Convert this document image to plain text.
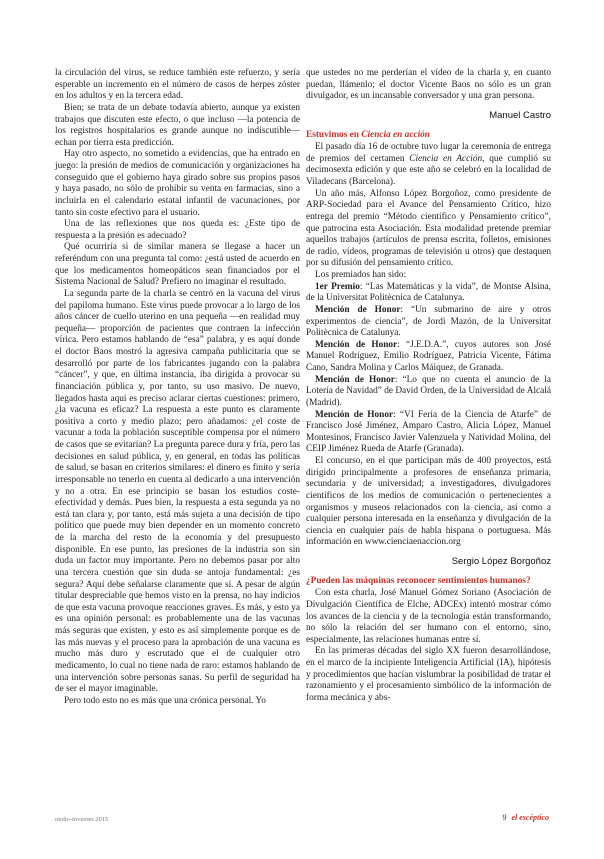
la circulación del virus, se reduce también este refuerzo, y sería esperable un incremento en el número de casos de herpes zóster en los adultos y en la tercera edad.

Bien; se trata de un debate todavía abierto, aunque ya existen trabajos que discuten este efecto, o que incluso —la potencia de los registros hospitalarios es grande aunque no indiscutible— echan por tierra esta predicción.

Hay otro aspecto, no sometido a evidencias, que ha entrado en juego: la presión de medios de comunicación y organizaciones ha conseguido que el gobierno haya girado sobre sus propios pasos y haya pasado, no sólo de prohibir su venta en farmacias, sino a incluirla en el calendario estatal infantil de vacunaciones, por tanto sin coste efectivo para el usuario.

Una de las reflexiones que nos queda es: ¿Este tipo de respuesta a la presión es adecuado?

Qué ocurriría si de similar manera se llegase a hacer un referéndum con una pregunta tal como: ¿está usted de acuerdo en que los medicamentos homeopáticos sean financiados por el Sistema Nacional de Salud? Prefiero no imaginar el resultado.

La segunda parte de la charla se centró en la vacuna del virus del papiloma humano. Este virus puede provocar a lo largo de los años cáncer de cuello uterino en una pequeña —en realidad muy pequeña— proporción de pacientes que contraen la infección vírica. Pero estamos hablando de “esa” palabra, y es aquí donde el doctor Baos mostró la agresiva campaña publicitaria que se desarrolló por parte de los fabricantes jugando con la palabra “cáncer”, y que, en última instancia, iba dirigida a provocar su financiación pública y, por tanto, su uso masivo. De nuevo, llegados hasta aquí es preciso aclarar ciertas cuestiones: primero, ¿la vacuna es eficaz? La respuesta a este punto es claramente positiva a corto y medio plazo; pero añadamos: ¿el coste de vacunar a toda la población susceptible compensa por el número de casos que se evitarían? La pregunta parece dura y fría, pero las decisiones en salud pública, y, en general, en todas las políticas de salud, se basan en criterios similares: el dinero es finito y sería irresponsable no tenerlo en cuenta al dedicarlo a una intervención y no a otra. En ese principio se basan los estudios coste-efectividad y demás. Pues bien, la respuesta a esta segunda ya no está tan clara y, por tanto, está más sujeta a una decisión de tipo político que puede muy bien depender en un momento concreto de la marcha del resto de la economía y del presupuesto disponible. En ese punto, las presiones de la industria son sin duda un factor muy importante. Pero no debemos pasar por alto una tercera cuestión que sin duda se antoja fundamental: ¿es segura? Aquí debe señalarse claramente que sí. A pesar de algún titular despreciable que hemos visto en la prensa, no hay indicios de que esta vacuna provoque reacciones graves. Es más, y esto ya es una opinión personal: es probablemente una de las vacunas más seguras que existen, y esto es así simplemente porque es de las más nuevas y el proceso para la aprobación de una vacuna es mucho más duro y escrutado que el de cualquier otro medicamento, lo cual no tiene nada de raro: estamos hablando de una intervención sobre personas sanas. Su perfil de seguridad ha de ser el mayor imaginable.

Pero todo esto no es más que una crónica personal. Yo

que ustedes no me perderían el vídeo de la charla y, en cuanto puedan, llámenlo; el doctor Vicente Baos no sólo es un gran divulgador, es un incansable conversador y una gran persona.

Manuel Castro
Estuvimos en Ciencia en acción

El pasado día 16 de octubre tuvo lugar la ceremonia de entrega de premios del certamen Ciencia en Acción, que cumplió su decimosexta edición y que este año se celebró en la localidad de Viladecans (Barcelona).

Un año más, Alfonso López Borgoñoz, como presidente de ARP-Sociedad para el Avance del Pensamiento Crítico, hizo entrega del premio “Método científico y Pensamiento crítico”, que patrocina esta Asociación. Esta modalidad pretende premiar aquellos trabajos (artículos de prensa escrita, folletos, emisiones de radio, vídeos, programas de televisión u otros) que destaquen por su difusión del pensamiento crítico.

Los premiados han sido:

1er Premio: “Las Matemáticas y la vida”, de Montse Alsina, de la Universitat Politècnica de Catalunya.

Mención de Honor: “Un submarino de aire y otros experimentos de ciencia”, de Jordi Mazón, de la Universitat Politècnica de Catalunya.

Mención de Honor: “J.E.D.A.”, cuyos autores son José Manuel Rodríguez, Emilio Rodríguez, Patricia Vicente, Fátima Cano, Sandra Molina y Carlos Máiquez, de Granada.

Mención de Honor: “Lo que no cuenta el anuncio de la Lotería de Navidad” de David Orden, de la Universidad de Alcalá (Madrid).

Mención de Honor: “VI Feria de la Ciencia de Atarfe” de Francisco José Jiménez, Amparo Castro, Alicia López, Manuel Montesinos, Francisco Javier Valenzuela y Natividad Molina, del CEIP Jiménez Rueda de Atarfe (Granada).

El concurso, en el que participan más de 400 proyectos, está dirigido principalmente a profesores de enseñanza primaria, secundaria y de universidad; a investigadores, divulgadores científicos de los medios de comunicación o pertenecientes a organismos y museos relacionados con la ciencia, así como a cualquier persona interesada en la enseñanza y divulgación de la ciencia en cualquier país de habla hispana o portuguesa. Más información en www.cienciaenaccion.org

Sergio López Borgoñoz
¿Pueden las máquinas reconocer sentimientos humanos?

Con esta charla, José Manuel Gómez Soriano (Asociación de Divulgación Científica de Elche, ADCEx) intentó mostrar cómo los avances de la ciencia y de la tecnología están transformando, no sólo la relación del ser humano con el entorno, sino, especialmente, las relaciones humanas entre sí.

En las primeras décadas del siglo XX fueron desarrollándose, en el marco de la incipiente Inteligencia Artificial (IA), hipótesis y procedimientos que hacían vislumbrar la posibilidad de tratar el razonamiento y el procesamiento simbólico de la información de forma mecánica y abs-

otoño-invierno 2015	9 el escéptico
